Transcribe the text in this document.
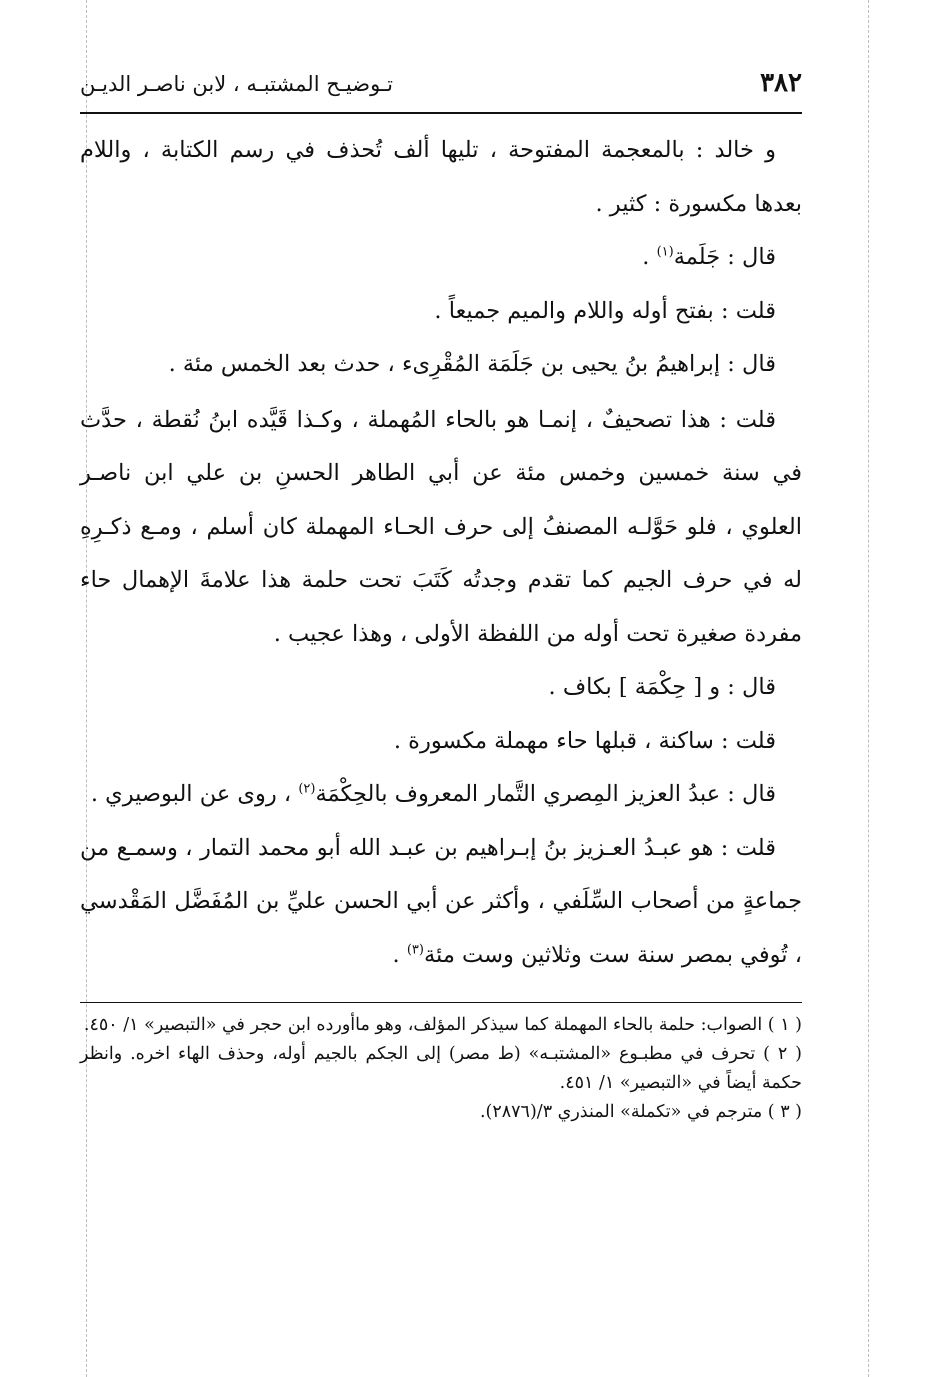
٣٨٢
تـوضيـح المشتبـه ، لابن ناصـر الديـن

و خالد : بالمعجمة المفتوحة ، تليها ألف تُحذف في رسم الكتابة ، واللام بعدها مكسورة : كثير .

قال : جَلَمة$^{(١)}$ .

قلت : بفتح أوله واللام والميم جميعاً .

قال : إبراهيمُ بنُ يحيى بن جَلَمَة المُقْرِىء ، حدث بعد الخمس مئة .

قلت : هذا تصحيفٌ ، إنمـا هو بالحاء المُهملة ، وكـذا قَيَّده ابنُ نُقطة ، حدَّث في سنة خمسين وخمس مئة عن أبي الطاهر الحسنِ بن علي ابن ناصـر العلوي ، فلو حَوَّلـه المصنفُ إلى حرف الحـاء المهملة كان أسلم ، ومـع ذكـرِهِ له في حرف الجيم كما تقدم وجدتُه كَتَبَ تحت حلمة هذا علامةَ الإهمال حاء مفردة صغيرة تحت أوله من اللفظة الأولى ، وهذا عجيب .

قال : و [ حِكْمَة ] بكاف .

قلت : ساكنة ، قبلها حاء مهملة مكسورة .

قال : عبدُ العزيز المِصري التَّمار المعروف بالحِكْمَة$^{(٢)}$ ، روى عن البوصيري .

قلت : هو عبـدُ العـزيز بنُ إبـراهيم بن عبـد الله أبو محمد التمار ، وسمـع من جماعةٍ من أصحاب السِّلَفي ، وأكثر عن أبي الحسن عليِّ بن المُفَضَّل المَقْدسي ، تُوفي بمصر سنة ست وثلاثين وست مئة$^{(٣)}$ .

( ١ ) الصواب: حلمة بالحاء المهملة كما سيذكر المؤلف، وهو ماأورده ابن حجر في «التبصير» ١/ ٤٥٠.

( ٢ ) تحرف في مطبـوع «المشتبـه» (ط مصر) إلى الجكم بالجيم أوله، وحذف الهاء اخره. وانظر حكمة أيضاً في «التبصير» ١/ ٤٥١.

( ٣ ) مترجم في «تكملة» المنذري ٣/(٢٨٧٦).
